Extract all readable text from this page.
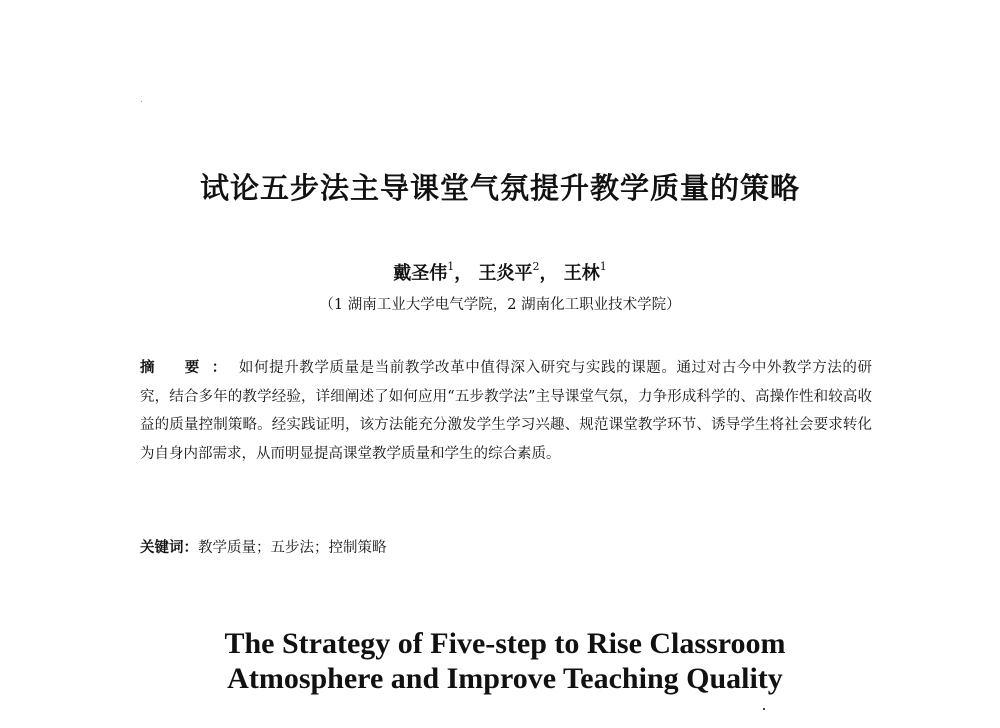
试论五步法主导课堂气氛提升教学质量的策略
戴圣伟$^1$， 王炎平$^2$， 王林$^1$
（1 湖南工业大学电气学院，2 湖南化工职业技术学院）
摘 要：如何提升教学质量是当前教学改革中值得深入研究与实践的课题。通过对古今中外教学方法的研究，结合多年的教学经验，详细阐述了如何应用“五步教学法”主导课堂气氛，力争形成科学的、高操作性和较高收益的质量控制策略。经实践证明，该方法能充分激发学生学习兴趣、规范课堂教学环节、诱导学生将社会要求转化为自身内部需求，从而明显提高课堂教学质量和学生的综合素质。
关键词：教学质量；五步法；控制策略
The Strategy of Five-step to Rise Classroom
Atmosphere and Improve Teaching Quality
